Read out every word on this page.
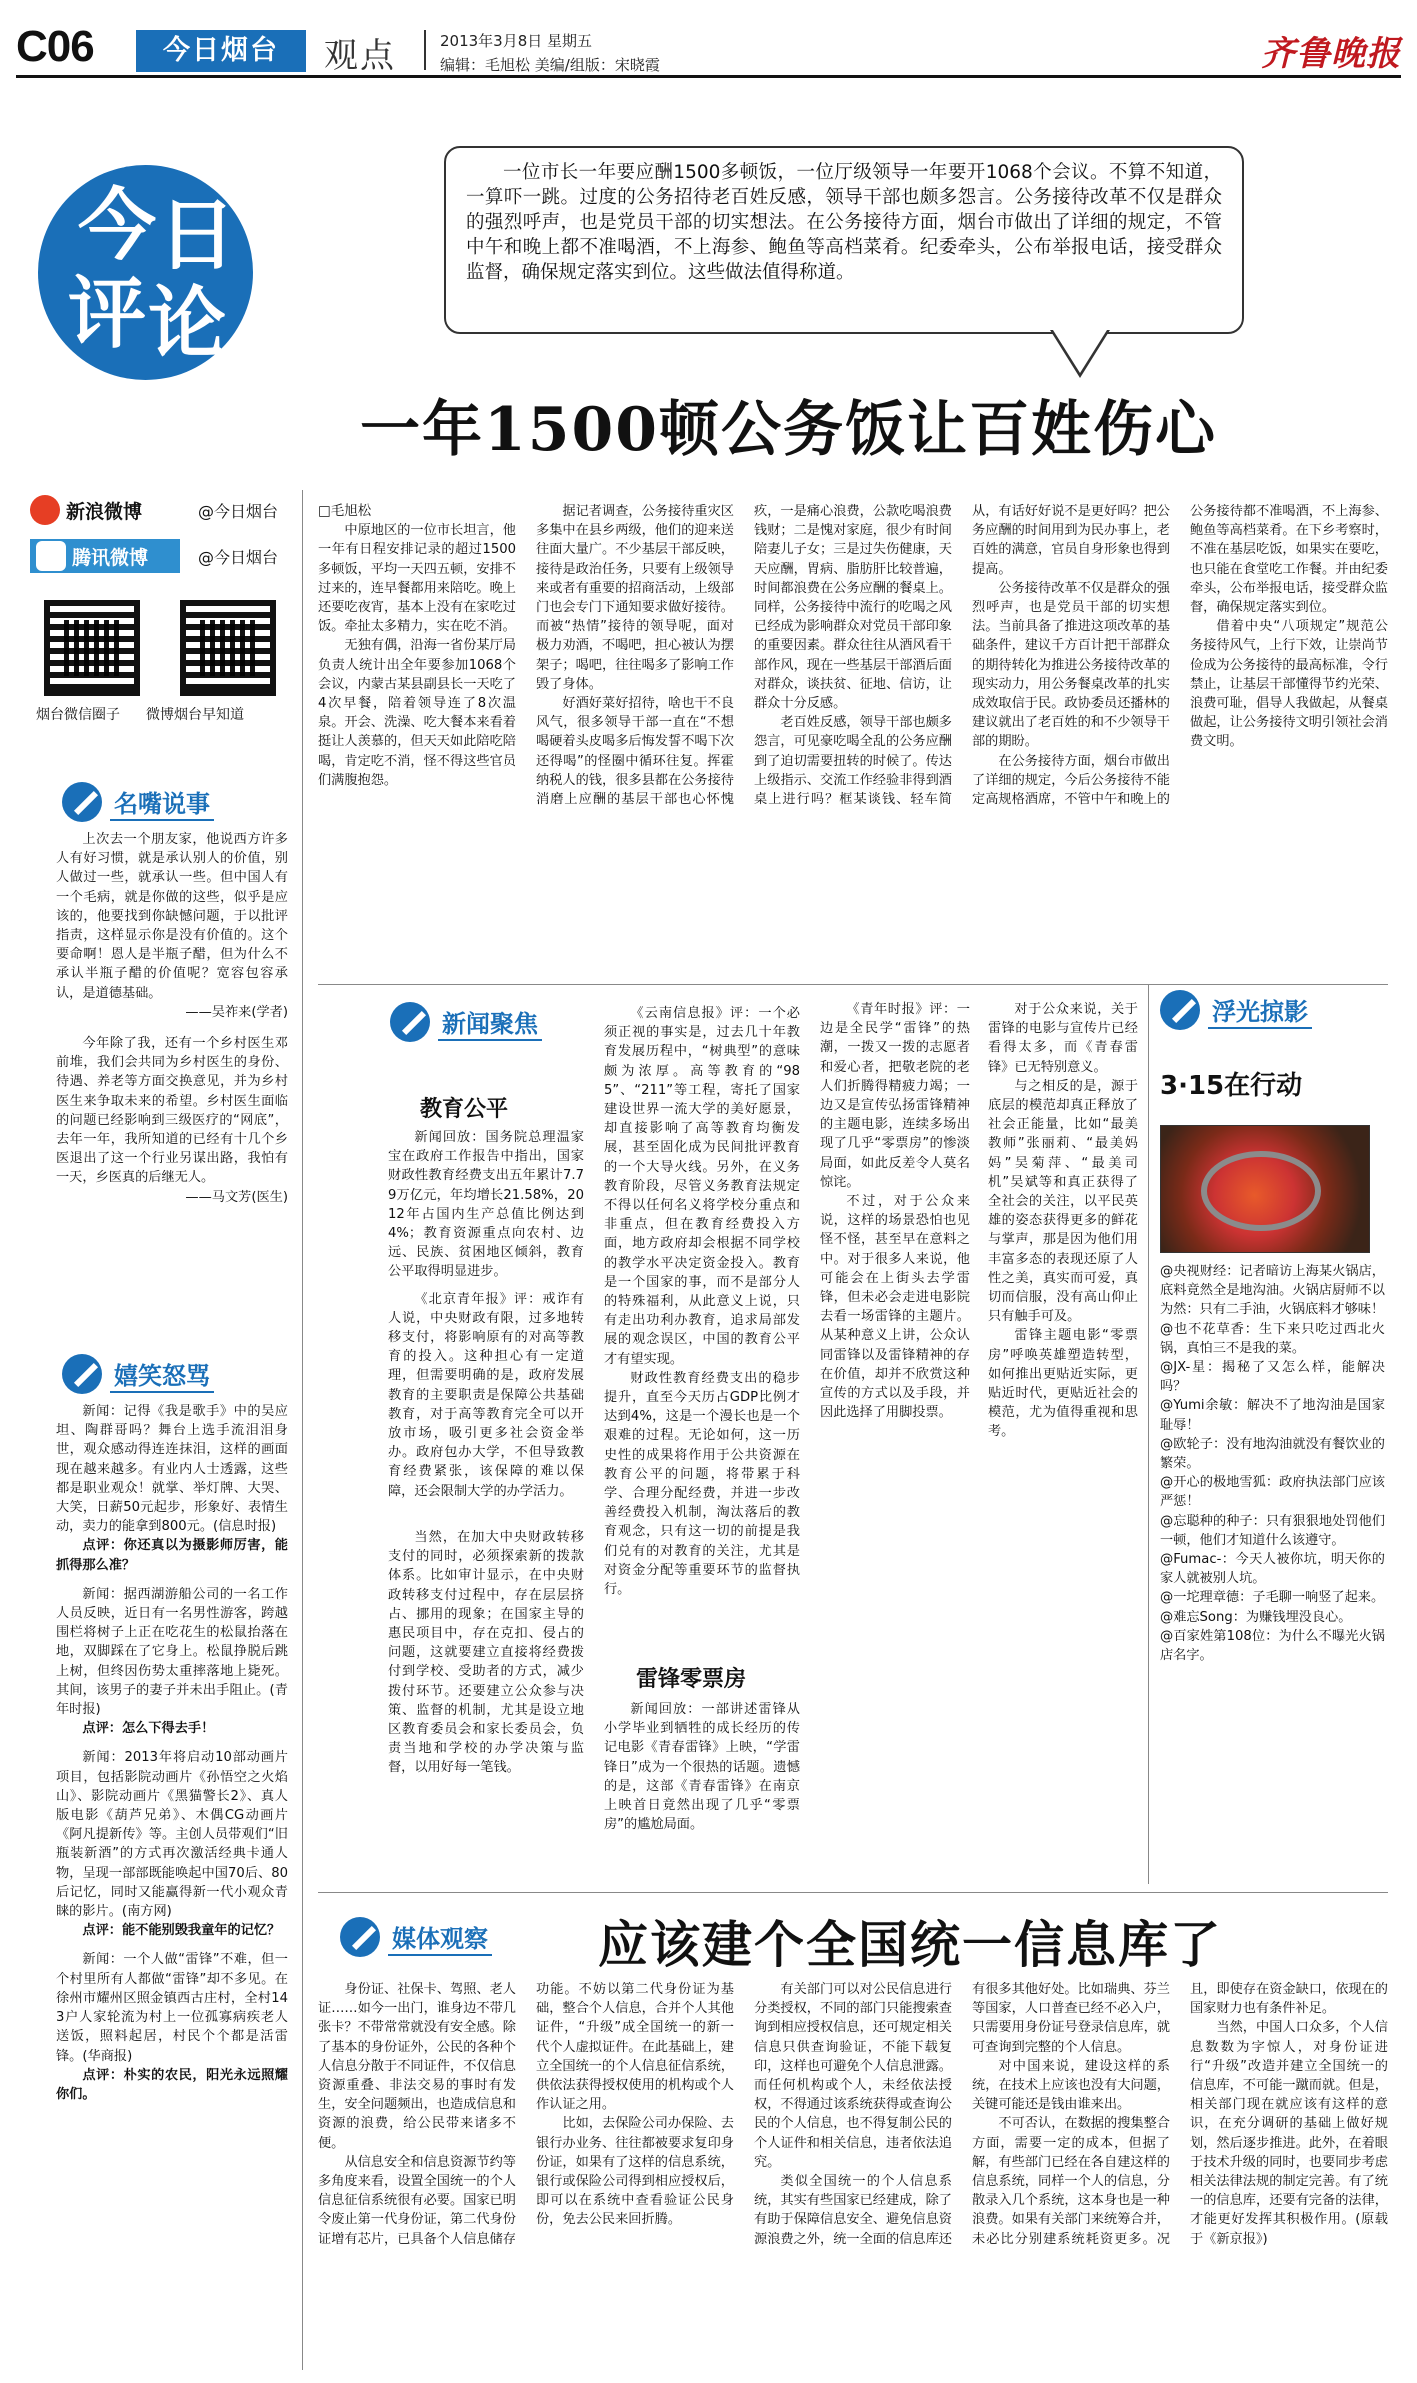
C06	今日烟台	观点	2013年3月8日 星期五
编辑：毛旭松 美编/组版：宋晓霞	齐鲁晚报
今 日
评 论
一位市长一年要应酬1500多顿饭，一位厅级领导一年要开1068个会议。不算不知道，一算吓一跳。过度的公务招待老百姓反感，领导干部也颇多怨言。公务接待改革不仅是群众的强烈呼声，也是党员干部的切实想法。在公务接待方面，烟台市做出了详细的规定，不管中午和晚上都不准喝酒，不上海参、鲍鱼等高档菜肴。纪委牵头，公布举报电话，接受群众监督，确保规定落实到位。这些做法值得称道。
一年1500顿公务饭让百姓伤心
新浪微博	@今日烟台
腾讯微博	@今日烟台
烟台微信圈子 微博烟台早知道
名嘴说事
嬉笑怒骂
新闻聚焦	浮光掠影
媒体观察

上次去一个朋友家，他说西方许多人有好习惯，就是承认别人的价值，别人做过一些，就承认一些。但中国人有一个毛病，就是你做的这些，似乎是应该的，他要找到你缺憾问题，于以批评指责，这样显示你是没有价值的。这个要命啊！恩人是半瓶子醋，但为什么不承认半瓶子醋的价值呢？宽容包容承认，是道德基础。

——吴祚来(学者)

今年除了我，还有一个乡村医生邓前堆，我们会共同为乡村医生的身份、待遇、养老等方面交换意见，并为乡村医生来争取未来的希望。乡村医生面临的问题已经影响到三级医疗的“网底”，去年一年，我所知道的已经有十几个乡医退出了这一个行业另谋出路，我怕有一天，乡医真的后继无人。

——马文芳(医生)

新闻：记得《我是歌手》中的吴应坦、陶群哥吗？舞台上选手流泪泪身世，观众感动得连连抹泪，这样的画面现在越来越多。有业内人士透露，这些都是职业观众！就掌、举灯牌、大哭、大笑，日薪50元起步，形象好、表情生动，卖力的能拿到800元。(信息时报)

点评：你还真以为摄影师厉害，能抓得那么准？

新闻：据西湖游船公司的一名工作人员反映，近日有一名男性游客，跨越围栏将树子上正在吃花生的松鼠抬落在地，双脚踩在了它身上。松鼠挣脱后跳上树，但终因伤势太重摔落地上毙死。其间，该男子的妻子并未出手阻止。(青年时报)

点评：怎么下得去手！

新闻：2013年将启动10部动画片项目，包括影院动画片《孙悟空之火焰山》、影院动画片《黑猫警长2》、真人版电影《葫芦兄弟》、木偶CG动画片《阿凡提新传》等。主创人员带观们“旧瓶装新酒”的方式再次激活经典卡通人物，呈现一部部既能唤起中国70后、80后记忆，同时又能赢得新一代小观众青睐的影片。(南方网)

点评：能不能别毁我童年的记忆？

新闻：一个人做“雷锋”不难，但一个村里所有人都做“雷锋”却不多见。在徐州市耀州区照金镇西古庄村，全村143户人家轮流为村上一位孤寡病疾老人送饭，照料起居，村民个个都是活雷锋。(华商报)

点评：朴实的农民，阳光永远照耀你们。

□毛旭松

中原地区的一位市长坦言，他一年有日程安排记录的超过1500多顿饭，平均一天四五顿，安排不过来的，连早餐都用来陪吃。晚上还要吃夜宵，基本上没有在家吃过饭。牵扯太多精力，实在吃不消。

无独有偶，沿海一省份某厅局负责人统计出全年要参加1068个会议，内蒙古某县副县长一天吃了4次早餐，陪着领导连了8次温泉。开会、洗澡、吃大餐本来看着挺让人羡慕的，但天天如此陪吃陪喝，肯定吃不消，怪不得这些官员们满腹抱怨。

据记者调查，公务接待重灾区多集中在县乡两级，他们的迎来送往面大量广。不少基层干部反映，接待是政治任务，只要有上级领导来或者有重要的招商活动，上级部门也会专门下通知要求做好接待。而被“热情”接待的领导呢，面对极力劝酒，不喝吧，担心被认为摆架子；喝吧，往往喝多了影响工作毁了身体。

好酒好菜好招待，啥也干不良风气，很多领导干部一直在“不想喝硬着头皮喝多后悔发誓不喝下次还得喝”的怪圈中循环往复。挥霍纳税人的钱，很多县都在公务接待消磨上应酬的基层干部也心怀愧疚，一是痛心浪费，公款吃喝浪费钱财；二是愧对家庭，很少有时间陪妻儿子女；三是过失伤健康，天天应酬，胃病、脂肪肝比较普遍，时间都浪费在公务应酬的餐桌上。同样，公务接待中流行的吃喝之风已经成为影响群众对党员干部印象的重要因素。群众往往从酒风看干部作风，现在一些基层干部酒后面对群众，谈扶贫、征地、信访，让群众十分反感。

老百姓反感，领导干部也颇多怨言，可见豪吃喝全乱的公务应酬到了迫切需要扭转的时候了。传达上级指示、交流工作经验非得到酒桌上进行吗？框某谈钱、轻车简从，有话好好说不是更好吗？把公务应酬的时间用到为民办事上，老百姓的满意，官员自身形象也得到提高。

公务接待改革不仅是群众的强烈呼声，也是党员干部的切实想法。当前具备了推进这项改革的基础条件，建议千方百计把干部群众的期待转化为推进公务接待改革的现实动力，用公务餐桌改革的扎实成效取信于民。政协委员还播林的建议就出了老百姓的和不少领导干部的期盼。

在公务接待方面，烟台市做出了详细的规定，今后公务接待不能定高规格酒席，不管中午和晚上的公务接待都不准喝酒，不上海参、鲍鱼等高档菜肴。在下乡考察时，不准在基层吃饭，如果实在要吃，也只能在食堂吃工作餐。并由纪委牵头，公布举报电话，接受群众监督，确保规定落实到位。

借着中央“八项规定”规范公务接待风气，上行下效，让崇尚节俭成为公务接待的最高标准，令行禁止，让基层干部懂得节约光荣、浪费可耻，倡导人我做起，从餐桌做起，让公务接待文明引领社会消费文明。

教育公平

新闻回放：国务院总理温家宝在政府工作报告中指出，国家财政性教育经费支出五年累计7.79万亿元，年均增长21.58%，2012年占国内生产总值比例达到4%；教育资源重点向农村、边远、民族、贫困地区倾斜，教育公平取得明显进步。

《北京青年报》评：戒诈有人说，中央财政有限，过多地转移支付，将影响原有的对高等教育的投入。这种担心有一定道理，但需要明确的是，政府发展教育的主要职责是保障公共基础教育，对于高等教育完全可以开放市场，吸引更多社会资金举办。政府包办大学，不但导致教育经费紧张，该保障的难以保障，还会限制大学的办学活力。

当然，在加大中央财政转移支付的同时，必须探索新的拨款体系。比如审计显示，在中央财政转移支付过程中，存在层层挤占、挪用的现象；在国家主导的惠民项目中，存在克扣、侵占的问题，这就要建立直接将经费拨付到学校、受助者的方式，减少拨付环节。还要建立公众参与决策、监督的机制，尤其是设立地区教育委员会和家长委员会，负责当地和学校的办学决策与监督，以用好每一笔钱。

《云南信息报》评：一个必须正视的事实是，过去几十年教育发展历程中，“树典型”的意味颇为浓厚。高等教育的“985”、“211”等工程，寄托了国家建设世界一流大学的美好愿景，却直接影响了高等教育均衡发展，甚至固化成为民间批评教育的一个大导火线。另外，在义务教育阶段，尽管义务教育法规定不得以任何名义将学校分重点和非重点，但在教育经费投入方面，地方政府却会根据不同学校的教学水平决定资金投入。教育是一个国家的事，而不是部分人的特殊福利，从此意义上说，只有走出功利办教育，追求局部发展的观念误区，中国的教育公平才有望实现。

财政性教育经费支出的稳步提升，直至今天历占GDP比例才达到4%，这是一个漫长也是一个艰难的过程。无论如何，这一历史性的成果将作用于公共资源在教育公平的问题，将带累于科学、合理分配经费，并进一步改善经费投入机制，淘汰落后的教育观念，只有这一切的前提是我们兑有的对教育的关注，尤其是对资金分配等重要环节的监督执行。

雷锋零票房

新闻回放：一部讲述雷锋从小学毕业到牺牲的成长经历的传记电影《青春雷锋》上映，“学雷锋日”成为一个很热的话题。遗憾的是，这部《青春雷锋》在南京上映首日竟然出现了几乎“零票房”的尴尬局面。

《青年时报》评：一边是全民学“雷锋”的热潮，一拨又一拨的志愿者和爱心者，把敬老院的老人们折腾得精疲力竭；一边又是宣传弘扬雷锋精神的主题电影，连续多场出现了几乎“零票房”的惨淡局面，如此反差令人莫名惊诧。

不过，对于公众来说，这样的场景恐怕也见怪不怪，甚至早在意料之中。对于很多人来说，他可能会在上街头去学雷锋，但未必会走进电影院去看一场雷锋的主题片。从某种意义上讲，公众认同雷锋以及雷锋精神的存在价值，却并不欣赏这种宣传的方式以及手段，并因此选择了用脚投票。

对于公众来说，关于雷锋的电影与宣传片已经看得太多，而《青春雷锋》已无特别意义。

与之相反的是，源于底层的模范却真正释放了社会正能量，比如“最美教师”张丽莉、“最美妈妈”吴菊萍、“最美司机”吴斌等和真正获得了全社会的关注，以平民英雄的姿态获得更多的鲜花与掌声，那是因为他们用丰富多态的表现还原了人性之美，真实而可爱，真切而信服，没有高山仰止只有触手可及。

雷锋主题电影“零票房”呼唤英雄塑造转型，如何推出更贴近实际，更贴近时代，更贴近社会的模范，尤为值得重视和思考。

3·15在行动

@央视财经：记者暗访上海某火锅店，底料竟然全是地沟油。火锅店厨师不以为然：只有二手油，火锅底料才够味！

@也不花草香：生下来只吃过西北火锅，真怕三不是我的菜。

@JX-星：揭秘了又怎么样，能解决吗？

@Yumi余敏：解决不了地沟油是国家耻辱！

@欧轮子：没有地沟油就没有餐饮业的繁荣。

@开心的极地雪狐：政府执法部门应该严惩！

@忘聪种的种子：只有狠狠地处罚他们一顿，他们才知道什么该遵守。

@Fumac-：今天人被你坑，明天你的家人就被别人坑。

@一坨理章德：子毛聊一响竖了起来。

@难忘Song：为赚钱埋没良心。

@百家姓第108位：为什么不曝光火锅店名字。

应该建个全国统一信息库了

身份证、社保卡、驾照、老人证……如今一出门，谁身边不带几张卡？不带常常就没有安全感。除了基本的身份证外，公民的各种个人信息分散于不同证件，不仅信息资源重叠、非法交易的事时有发生，安全问题频出，也造成信息和资源的浪费，给公民带来诸多不便。

从信息安全和信息资源节约等多角度来看，设置全国统一的个人信息征信系统很有必要。国家已明令废止第一代身份证，第二代身份证增有芯片，已具备个人信息储存功能。不妨以第二代身份证为基础，整合个人信息，合并个人其他证件，“升级”成全国统一的新一代个人虚拟证件。在此基础上，建立全国统一的个人信息征信系统，供依法获得授权使用的机构或个人作认证之用。

比如，去保险公司办保险、去银行办业务、往往都被要求复印身份证，如果有了这样的信息系统，银行或保险公司得到相应授权后，即可以在系统中查看验证公民身份，免去公民来回折腾。

有关部门可以对公民信息进行分类授权，不同的部门只能搜索查询到相应授权信息，还可规定相关信息只供查询验证，不能下载复印，这样也可避免个人信息泄露。而任何机构或个人，未经依法授权，不得通过该系统获得或查询公民的个人信息，也不得复制公民的个人证件和相关信息，违者依法追究。

类似全国统一的个人信息系统，其实有些国家已经建成，除了有助于保障信息安全、避免信息资源浪费之外，统一全面的信息库还有很多其他好处。比如瑞典、芬兰等国家，人口普查已经不必入户，只需要用身份证号登录信息库，就可查询到完整的个人信息。

对中国来说，建设这样的系统，在技术上应该也没有大问题，关键可能还是钱由谁来出。

不可否认，在数据的搜集整合方面，需要一定的成本，但据了解，有些部门已经在各自建这样的信息系统，同样一个人的信息，分散录入几个系统，这本身也是一种浪费。如果有关部门来统筹合并，未必比分别建系统耗资更多。况且，即使存在资金缺口，依现在的国家财力也有条件补足。

当然，中国人口众多，个人信息数数为字惊人，对身份证进行“升级”改造并建立全国统一的信息库，不可能一蹴而就。但是，相关部门现在就应该有这样的意识，在充分调研的基础上做好规划，然后逐步推进。此外，在着眼于技术升级的同时，也要同步考虑相关法律法规的制定完善。有了统一的信息库，还要有完备的法律，才能更好发挥其积极作用。(原载于《新京报》)
